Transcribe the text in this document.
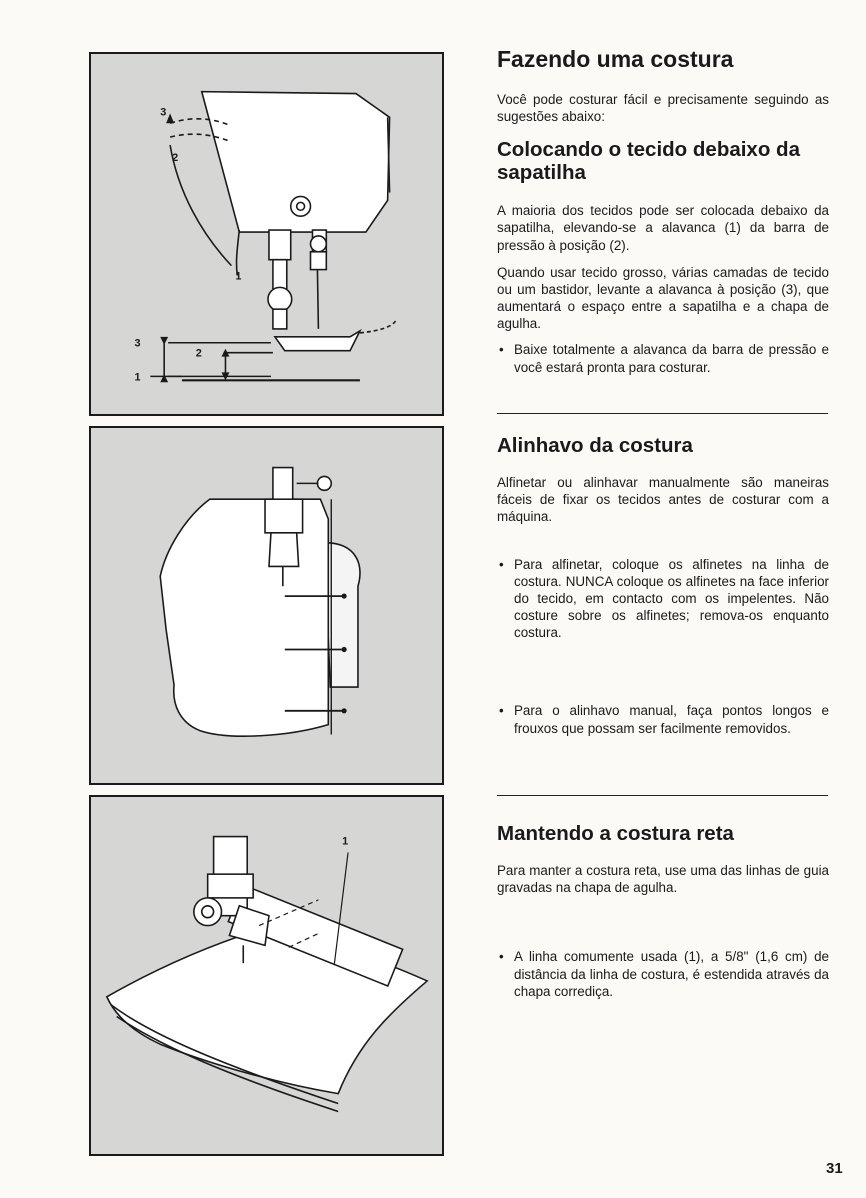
3
2
1
3
2
1
1
Fazendo uma costura

Você pode costurar fácil e precisamente seguindo as sugestões abaixo:

Colocando o tecido debaixo da sapatilha

A maioria dos tecidos pode ser colocada debaixo da sapatilha, elevando-se a alavanca (1) da barra de pressão à posição (2).

Quando usar tecido grosso, várias camadas de tecido ou um bastidor, levante a alavanca à posição (3), que aumentará o espaço entre a sapatilha e a chapa de agulha.

• Baixe totalmente a alavanca da barra de pressão e você estará pronta para costurar.

Alinhavo da costura

Alfinetar ou alinhavar manualmente são maneiras fáceis de fixar os tecidos antes de costurar com a máquina.

• Para alfinetar, coloque os alfinetes na linha de costura. NUNCA coloque os alfinetes na face inferior do tecido, em contacto com os impelentes. Não costure sobre os alfinetes; remova-os enquanto costura.

• Para o alinhavo manual, faça pontos longos e frouxos que possam ser facilmente removidos.

Mantendo a costura reta

Para manter a costura reta, use uma das linhas de guia gravadas na chapa de agulha.

• A linha comumente usada (1), a 5/8" (1,6 cm) de distância da linha de costura, é estendida através da chapa corrediça.

31
